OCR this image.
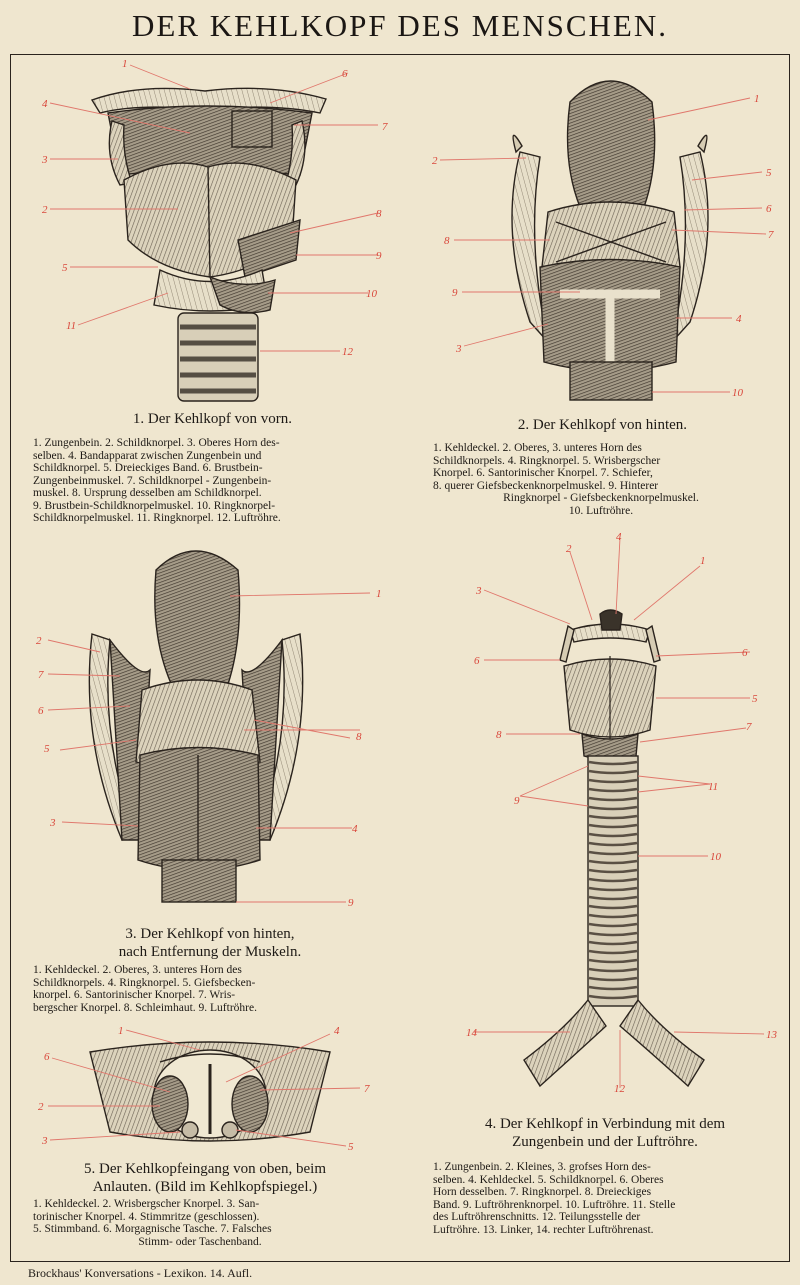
DER KEHLKOPF DES MENSCHEN.
1
6
4
7
3
2	8
9
5
10
11
12
1. Der Kehlkopf von vorn.
1. Zungenbein. 2. Schildknorpel. 3. Oberes Horn des-
selben. 4. Bandapparat zwischen Zungenbein und
Schildknorpel. 5. Dreieckiges Band. 6. Brustbein-
Zungenbeinmuskel. 7. Schildknorpel - Zungenbein-
muskel. 8. Ursprung desselben am Schildknorpel.
9. Brustbein-Schildknorpelmuskel. 10. Ringknorpel-
Schildknorpelmuskel. 11. Ringknorpel. 12. Luftröhre.
1
2
5
6
8	7
9
4
3
10
2. Der Kehlkopf von hinten.
1. Kehldeckel. 2. Oberes, 3. unteres Horn des
Schildknorpels. 4. Ringknorpel. 5. Wrisbergscher
Knorpel. 6. Santorinischer Knorpel. 7. Schiefer,
8. querer Giefsbeckenknorpelmuskel. 9. Hinterer
Ringknorpel - Giefsbeckenknorpelmuskel.
10. Luftröhre.
1
2
7
6
8
5
3	4
9
3. Der Kehlkopf von hinten,
nach Entfernung der Muskeln.
1. Kehldeckel. 2. Oberes, 3. unteres Horn des
Schildknorpels. 4. Ringknorpel. 5. Giefsbecken-
knorpel. 6. Santorinischer Knorpel. 7. Wris-
bergscher Knorpel. 8. Schleimhaut. 9. Luftröhre.
2
4
1
3
6
6
5
8
7
9
11
10
14	13
12
4. Der Kehlkopf in Verbindung mit dem
Zungenbein und der Luftröhre.
1. Zungenbein. 2. Kleines, 3. grofses Horn des-
selben. 4. Kehldeckel. 5. Schildknorpel. 6. Oberes
Horn desselben. 7. Ringknorpel. 8. Dreieckiges
Band. 9. Luftröhrenknorpel. 10. Luftröhre. 11. Stelle
des Luftröhrenschnitts. 12. Teilungsstelle der
Luftröhre. 13. Linker, 14. rechter Luftröhrenast.
1
6
4
2
7
3	5
5. Der Kehlkopfeingang von oben, beim
Anlauten. (Bild im Kehlkopfspiegel.)
1. Kehldeckel. 2. Wrisbergscher Knorpel. 3. San-
torinischer Knorpel. 4. Stimmritze (geschlossen).
5. Stimmband. 6. Morgagnische Tasche. 7. Falsches
Stimm- oder Taschenband.
Brockhaus' Konversations - Lexikon. 14. Aufl.
